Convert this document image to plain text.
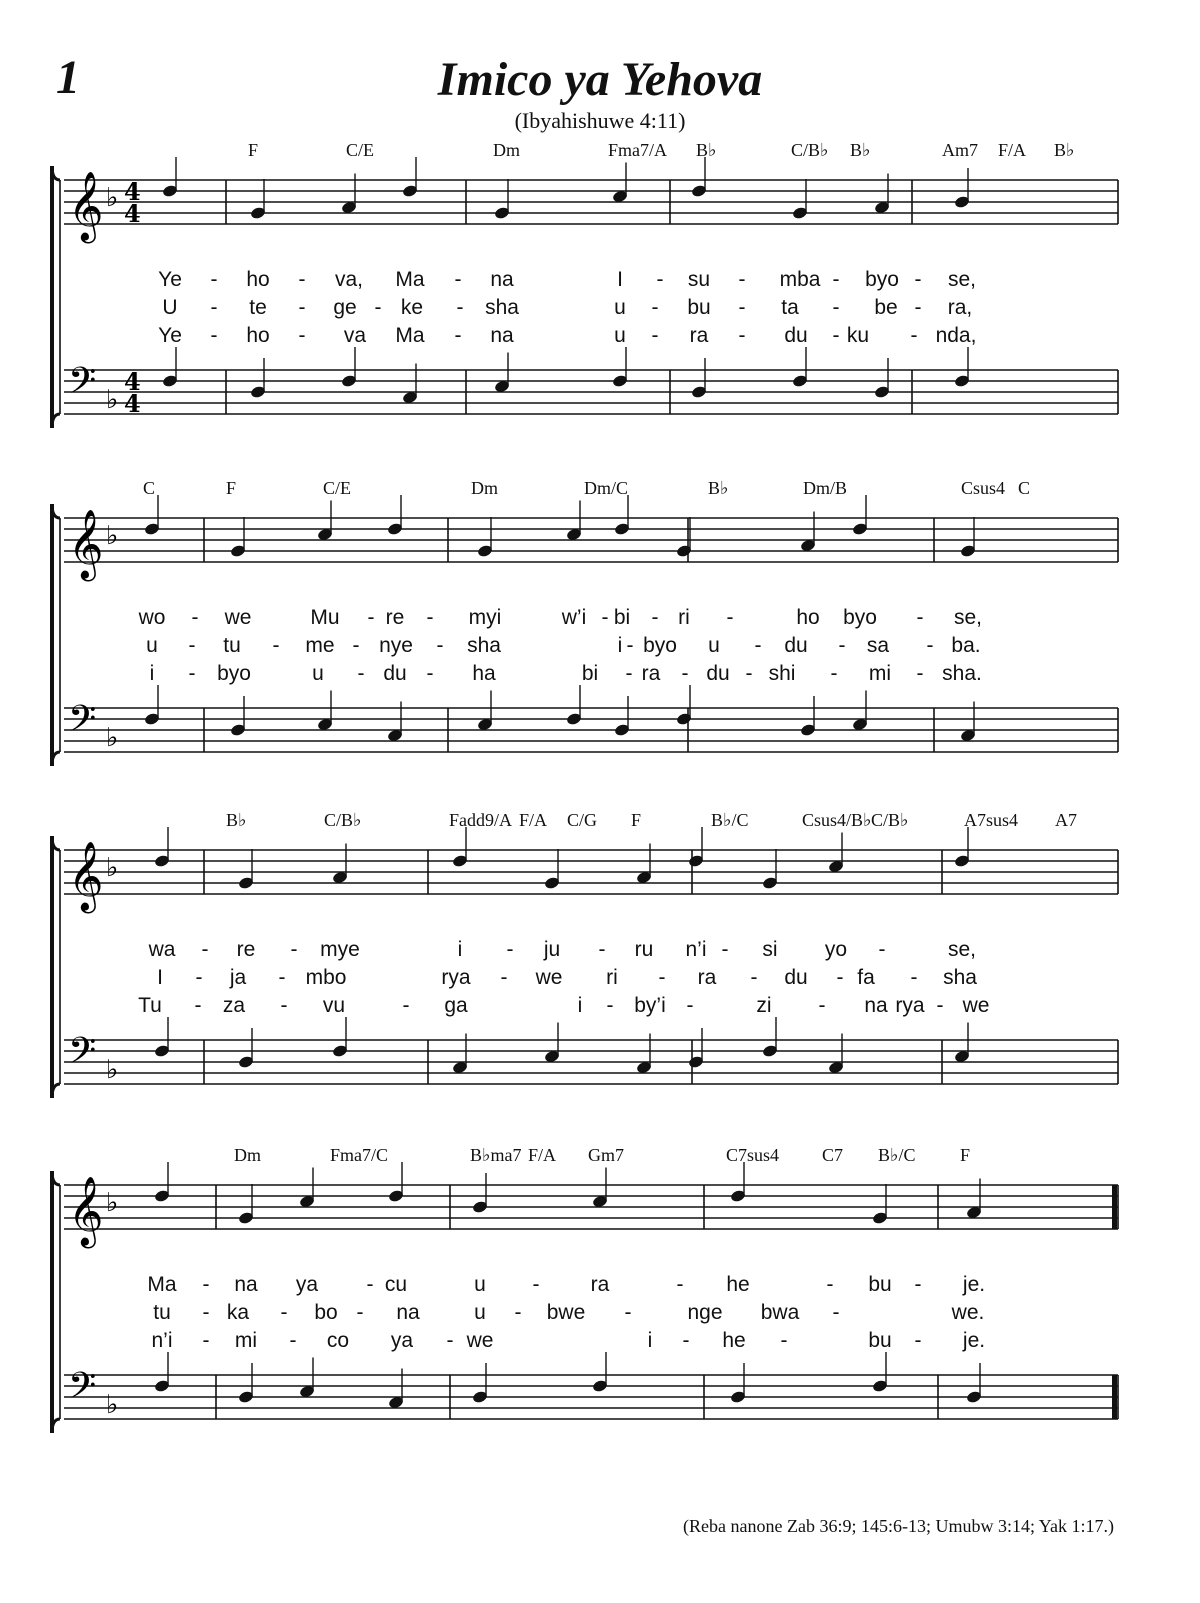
1	Imico ya Yehova
(Ibyahishuwe 4:11)
F	C/E	Dm	Fma7/A B♭	C/B♭ B♭	Am7 F/A B♭
𝄞 ♭ 4
4
𝄢 ♭
4
4
Ye - ho - va, Ma - na	I - su - mba - byo - se,
U - te - ge - ke - sha	u - bu - ta - be - ra,
Ye - ho - va Ma - na	u - ra - du - ku - nda,
C	F	C/E	Dm	Dm/C	B♭	Dm/B	Csus4 C
𝄞 ♭
𝄢 ♭
wo - we	Mu - re - myi	w’i - bi - ri -	ho byo - se,
u - tu - me - nye - sha	i - byo u - du - sa - ba.
i - byo	u - du - ha	bi - ra - du - shi - mi - sha.
B♭	C/B♭	Fadd9/A F/A C/G F	B♭/C	Csus4/B♭ C/B♭	A7sus4 A7
𝄞 ♭
𝄢 ♭
wa - re - mye	i - ju - ru n’i - si yo -	se,
I - ja - mbo	rya - we ri - ra - du - fa - sha
Tu - za - vu	- ga	i - by’i -	zi - na rya - we
Dm	Fma7/C	B♭ma7 F/A Gm7	C7sus4 C7 B♭/C F
𝄞 ♭
𝄢 ♭
Ma - na ya - cu	u - ra	- he	- bu - je.
tu - ka - bo - na	u - bwe -	nge bwa -	we.
n’i - mi - co ya - we	i - he -	bu - je.
(Reba nanone Zab 36:9; 145:6-13; Umubw 3:14; Yak 1:17.)
